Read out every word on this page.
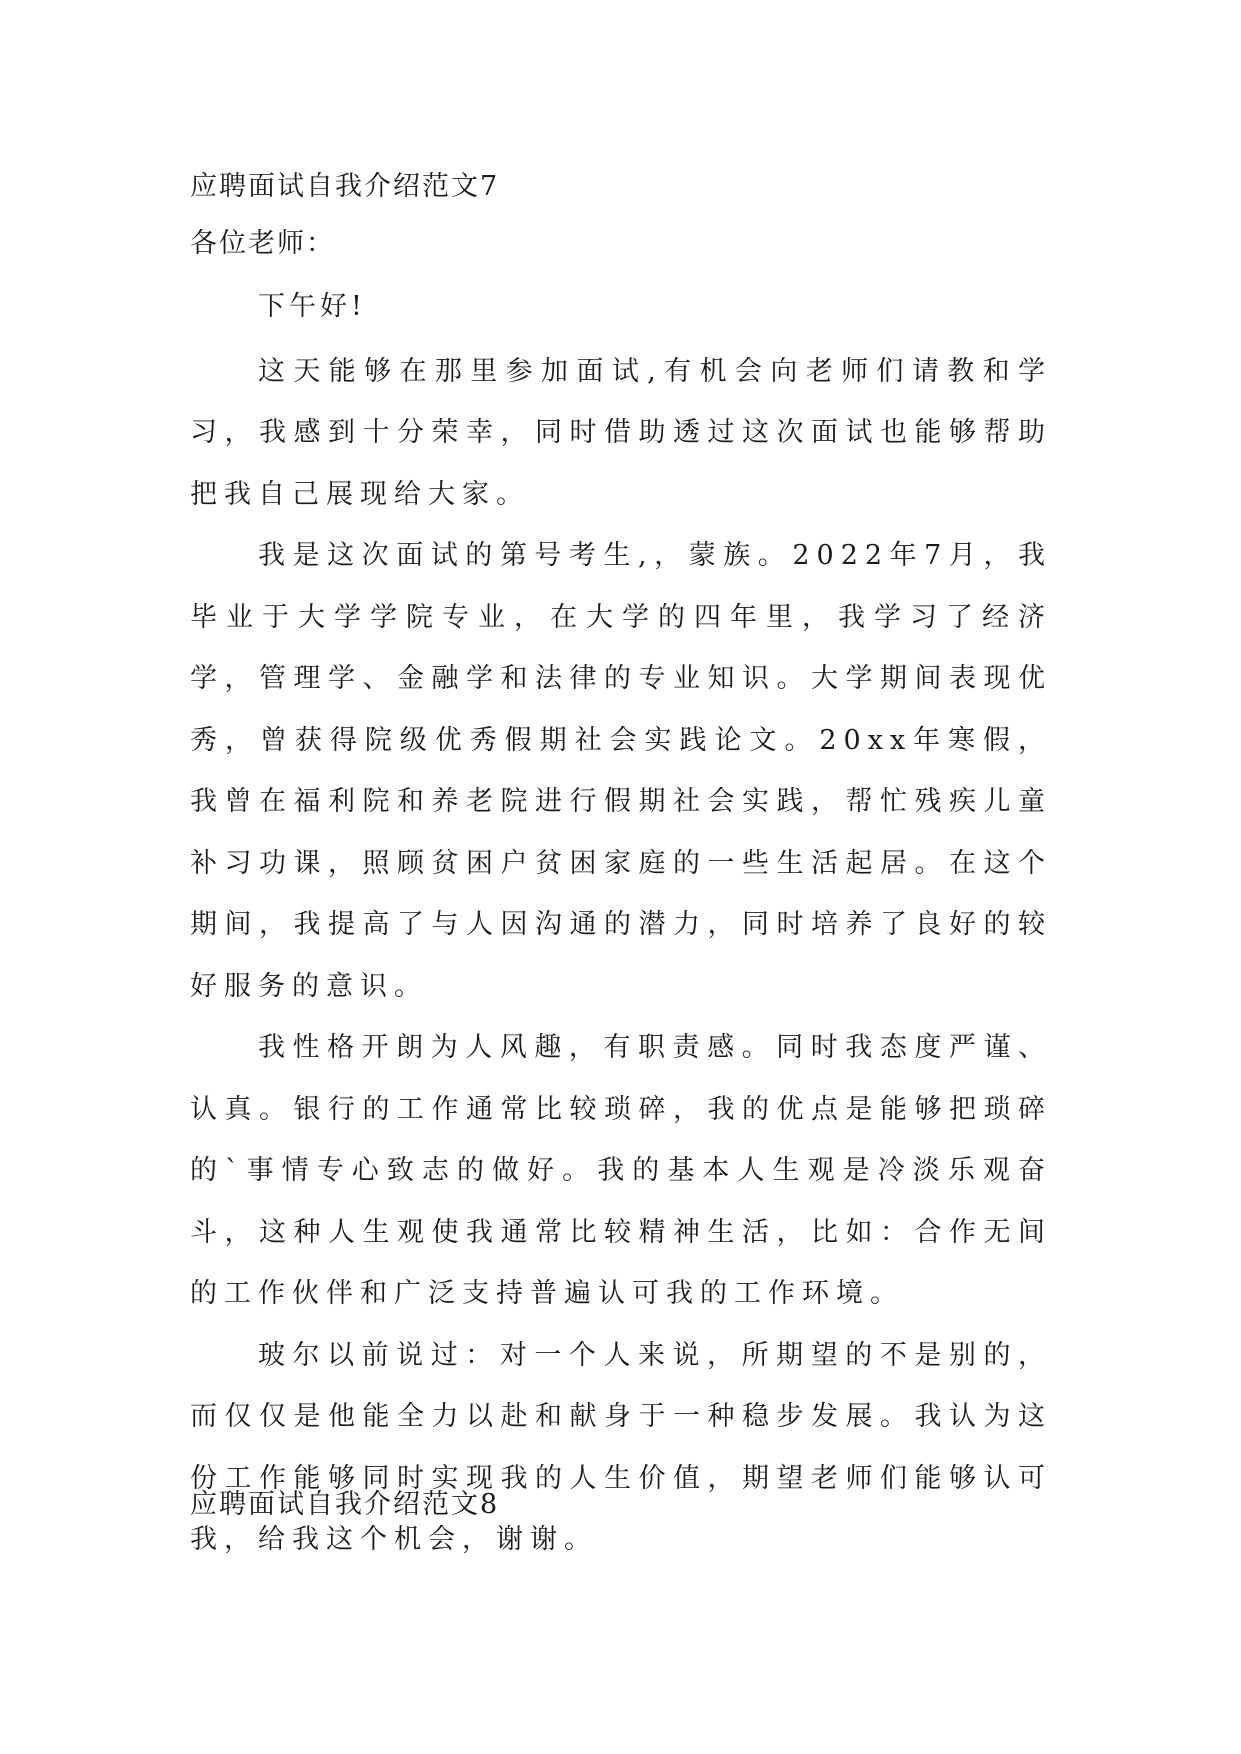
应聘面试自我介绍范文7

各位老师：

下午好!

这天能够在那里参加面试,有机会向老师们请教和学习，我感到十分荣幸，同时借助透过这次面试也能够帮助把我自己展现给大家。

我是这次面试的第号考生,，蒙族。2022年7月，我毕业于大学学院专业，在大学的四年里，我学习了经济学，管理学、金融学和法律的专业知识。大学期间表现优秀，曾获得院级优秀假期社会实践论文。20xx年寒假，我曾在福利院和养老院进行假期社会实践，帮忙残疾儿童补习功课，照顾贫困户贫困家庭的一些生活起居。在这个期间，我提高了与人因沟通的潜力，同时培养了良好的较好服务的意识。

我性格开朗为人风趣，有职责感。同时我态度严谨、认真。银行的工作通常比较琐碎，我的优点是能够把琐碎的`事情专心致志的做好。我的基本人生观是冷淡乐观奋斗，这种人生观使我通常比较精神生活，比如：合作无间的工作伙伴和广泛支持普遍认可我的工作环境。

玻尔以前说过：对一个人来说，所期望的不是别的，而仅仅是他能全力以赴和献身于一种稳步发展。我认为这份工作能够同时实现我的人生价值，期望老师们能够认可我，给我这个机会，谢谢。

应聘面试自我介绍范文8
